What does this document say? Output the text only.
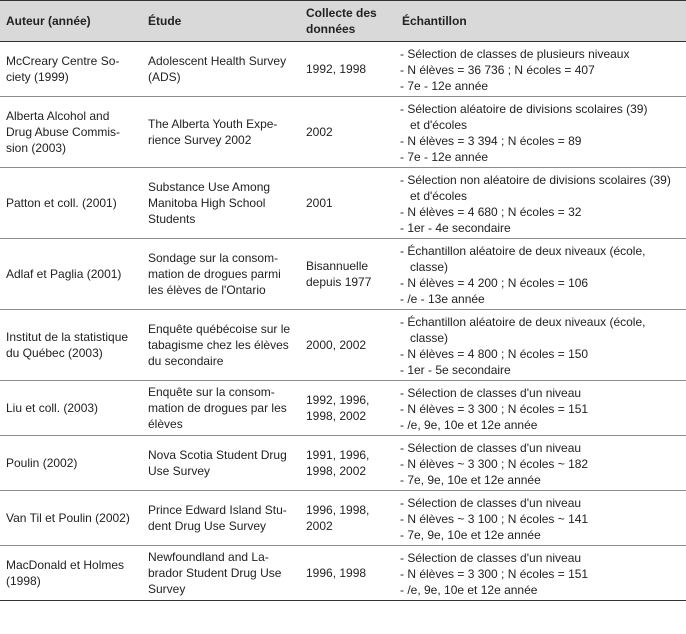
Auteur (année)	Étude	Collecte des données	Échantillon

McCreary Centre So-
ciety (1999)	Adolescent Health Survey
(ADS)	1992, 1998	- Sélection de classes de plusieurs niveaux
- N élèves = 36 736 ; N écoles = 407
- 7e - 12e année

Alberta Alcohol and
Drug Abuse Commis-
sion (2003)	The Alberta Youth Expe-
rience Survey 2002	2002	- Sélection aléatoire de divisions scolaires (39)
et d'écoles
- N élèves = 3 394 ; N écoles = 89
- 7e - 12e année

Patton et coll. (2001)	Substance Use Among
Manitoba High School
Students	2001	- Sélection non aléatoire de divisions scolaires (39)
et d'écoles
- N élèves = 4 680 ; N écoles = 32
- 1er - 4e secondaire

Adlaf et Paglia (2001)	Sondage sur la consom-
mation de drogues parmi
les élèves de l'Ontario	Bisannuelle
depuis 1977	- Échantillon aléatoire de deux niveaux (école,
classe)
- N élèves = 4 200 ; N écoles = 106
- /e - 13e année

Institut de la statistique
du Québec (2003)	Enquête québécoise sur le
tabagisme chez les élèves
du secondaire	2000, 2002	- Échantillon aléatoire de deux niveaux (école,
classe)
- N élèves = 4 800 ; N écoles = 150
- 1er - 5e secondaire

Liu et coll. (2003)	Enquête sur la consom-
mation de drogues par les
élèves	1992, 1996,
1998, 2002	- Sélection de classes d'un niveau
- N élèves = 3 300 ; N écoles = 151
- /e, 9e, 10e et 12e année

Poulin (2002)	Nova Scotia Student Drug
Use Survey	1991, 1996,
1998, 2002	- Sélection de classes d'un niveau
- N élèves ~ 3 300 ; N écoles ~ 182
- 7e, 9e, 10e et 12e année

Van Til et Poulin (2002)	Prince Edward Island Stu-
dent Drug Use Survey	1996, 1998,
2002	- Sélection de classes d'un niveau
- N élèves ~ 3 100 ; N écoles ~ 141
- 7e, 9e, 10e et 12e année

MacDonald et Holmes
(1998)	Newfoundland and La-
brador Student Drug Use
Survey	1996, 1998	- Sélection de classes d'un niveau
- N élèves = 3 300 ; N écoles = 151
- /e, 9e, 10e et 12e année
